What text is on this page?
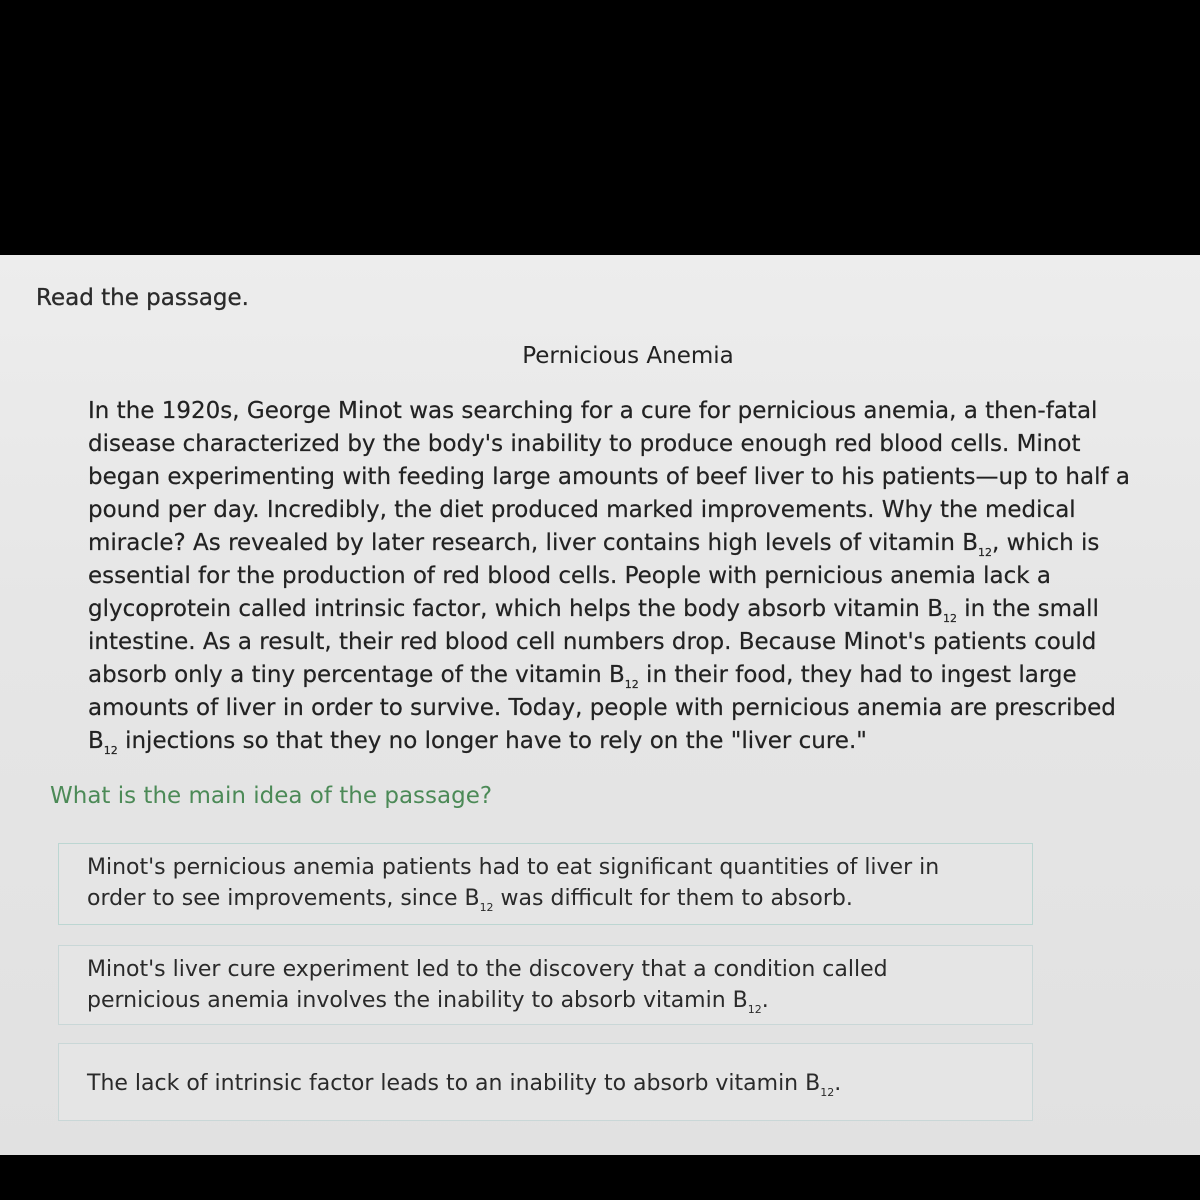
Read the passage.
Pernicious Anemia
In the 1920s, George Minot was searching for a cure for pernicious anemia, a then-fatal
disease characterized by the body's inability to produce enough red blood cells. Minot
began experimenting with feeding large amounts of beef liver to his patients—up to half a
pound per day. Incredibly, the diet produced marked improvements. Why the medical
miracle? As revealed by later research, liver contains high levels of vitamin $B_{12}$, which is
essential for the production of red blood cells. People with pernicious anemia lack a
glycoprotein called intrinsic factor, which helps the body absorb vitamin $B_{12}$ in the small
intestine. As a result, their red blood cell numbers drop. Because Minot's patients could
absorb only a tiny percentage of the vitamin $B_{12}$ in their food, they had to ingest large
amounts of liver in order to survive. Today, people with pernicious anemia are prescribed
$B_{12}$ injections so that they no longer have to rely on the "liver cure."
What is the main idea of the passage?
Minot's pernicious anemia patients had to eat significant quantities of liver in
order to see improvements, since $B_{12}$ was difficult for them to absorb.
Minot's liver cure experiment led to the discovery that a condition called
pernicious anemia involves the inability to absorb vitamin $B_{12}$.
The lack of intrinsic factor leads to an inability to absorb vitamin $B_{12}$.
